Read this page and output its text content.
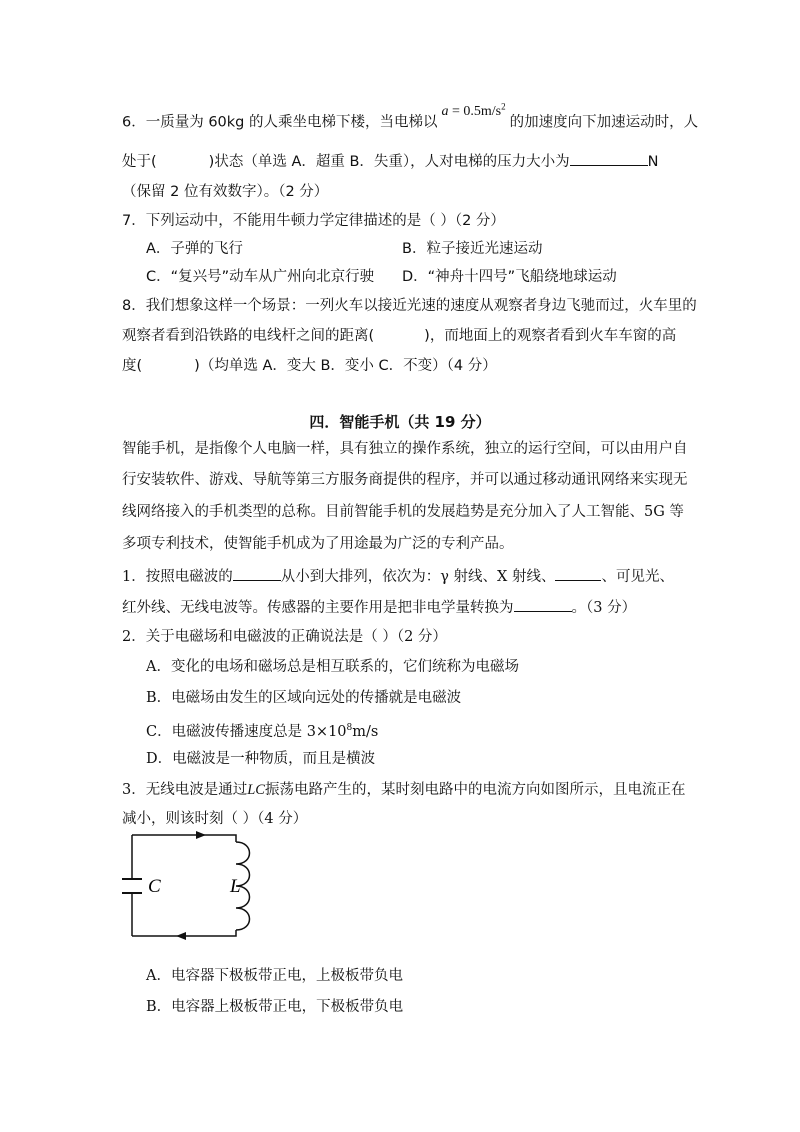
6．一质量为 60kg 的人乘坐电梯下楼，当电梯以$a = 0.5m/s^2$的加速度向下加速运动时，人
处于(	)状态（单选 A．超重 B．失重），人对电梯的压力大小为	N
（保留 2 位有效数字）。（2 分）
7．下列运动中，不能用牛顿力学定律描述的是（ ）（2 分）
A．子弹的飞行	B．粒子接近光速运动
C．“复兴号”动车从广州向北京行驶 D．“神舟十四号”飞船绕地球运动
8．我们想象这样一个场景：一列火车以接近光速的速度从观察者身边飞驰而过，火车里的
观察者看到沿铁路的电线杆之间的距离(	)，而地面上的观察者看到火车车窗的高
度(	)（均单选 A．变大 B．变小 C．不变）（4 分）
四．智能手机（共 19 分）
智能手机，是指像个人电脑一样，具有独立的操作系统，独立的运行空间，可以由用户自
行安装软件、游戏、导航等第三方服务商提供的程序，并可以通过移动通讯网络来实现无
线网络接入的手机类型的总称。目前智能手机的发展趋势是充分加入了人工智能、5G 等
多项专利技术，使智能手机成为了用途最为广泛的专利产品。
1．按照电磁波的	从小到大排列，依次为：γ 射线、X 射线、	、可见光、
红外线、无线电波等。传感器的主要作用是把非电学量转换为	。（3 分）
2．关于电磁场和电磁波的正确说法是（ ）（2 分）
A．变化的电场和磁场总是相互联系的，它们统称为电磁场
B．电磁场由发生的区域向远处的传播就是电磁波
C．电磁波传播速度总是 $3\times 10^8m/s$
D．电磁波是一种物质，而且是横波
3．无线电波是通过LC振荡电路产生的，某时刻电路中的电流方向如图所示，且电流正在
减小，则该时刻（ ）（4 分）
C	L
A．电容器下极板带正电，上极板带负电
B．电容器上极板带正电，下极板带负电
